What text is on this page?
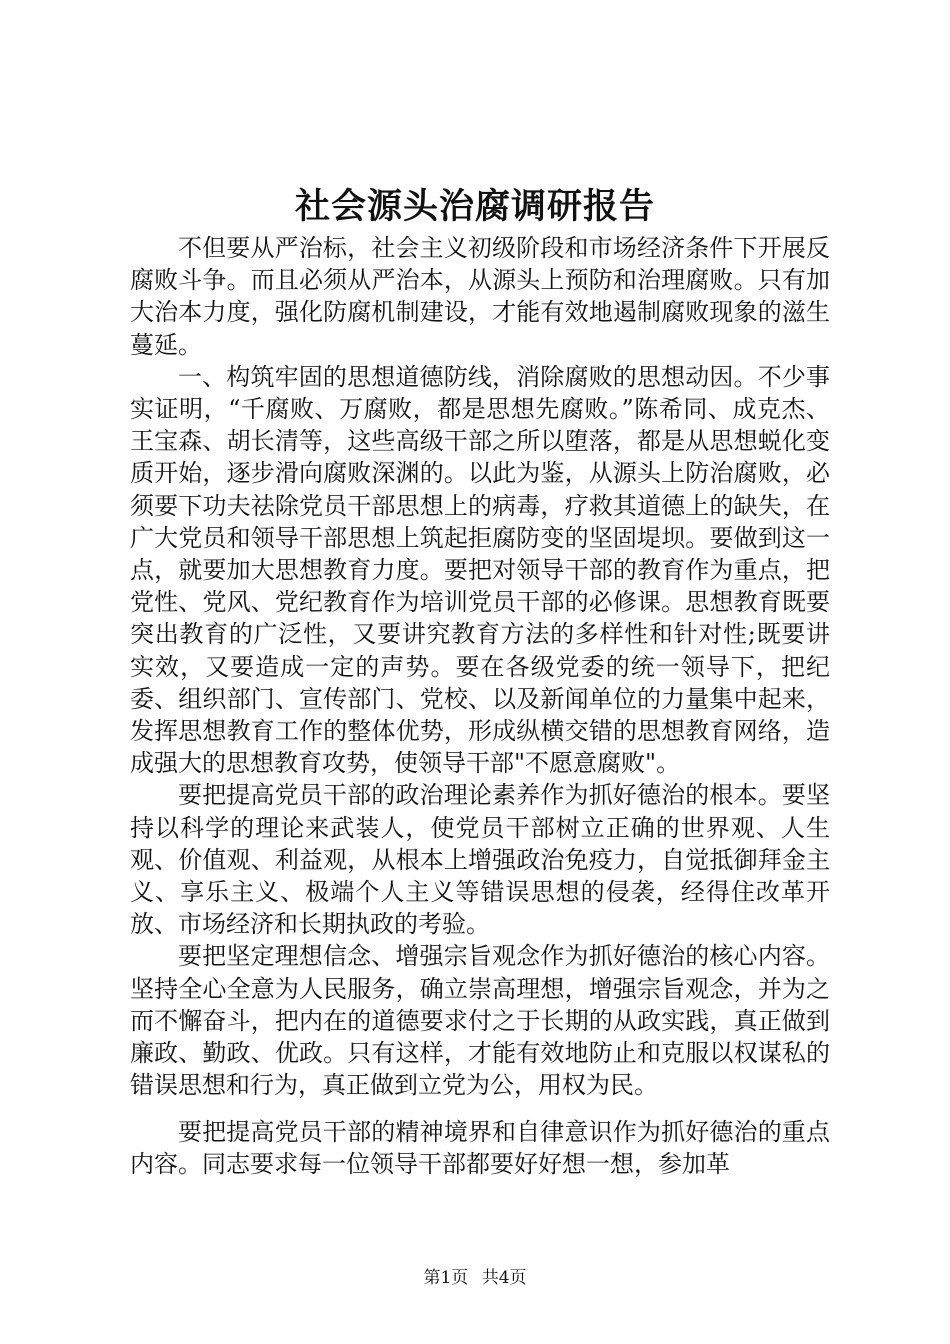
社会源头治腐调研报告

不但要从严治标，社会主义初级阶段和市场经济条件下开展反腐败斗争。而且必须从严治本，从源头上预防和治理腐败。只有加大治本力度，强化防腐机制建设，才能有效地遏制腐败现象的滋生蔓延。

一、构筑牢固的思想道德防线，消除腐败的思想动因。不少事实证明，“千腐败、万腐败，都是思想先腐败。”陈希同、成克杰、王宝森、胡长清等，这些高级干部之所以堕落，都是从思想蜕化变质开始，逐步滑向腐败深渊的。以此为鉴，从源头上防治腐败，必须要下功夫祛除党员干部思想上的病毒，疗救其道德上的缺失，在广大党员和领导干部思想上筑起拒腐防变的坚固堤坝。要做到这一点，就要加大思想教育力度。要把对领导干部的教育作为重点，把党性、党风、党纪教育作为培训党员干部的必修课。思想教育既要突出教育的广泛性，又要讲究教育方法的多样性和针对性;既要讲实效，又要造成一定的声势。要在各级党委的统一领导下，把纪委、组织部门、宣传部门、党校、以及新闻单位的力量集中起来，发挥思想教育工作的整体优势，形成纵横交错的思想教育网络，造成强大的思想教育攻势，使领导干部"不愿意腐败"。

要把提高党员干部的政治理论素养作为抓好德治的根本。要坚持以科学的理论来武装人，使党员干部树立正确的世界观、人生观、价值观、利益观，从根本上增强政治免疫力，自觉抵御拜金主义、享乐主义、极端个人主义等错误思想的侵袭，经得住改革开放、市场经济和长期执政的考验。

要把坚定理想信念、增强宗旨观念作为抓好德治的核心内容。坚持全心全意为人民服务，确立崇高理想，增强宗旨观念，并为之而不懈奋斗，把内在的道德要求付之于长期的从政实践，真正做到廉政、勤政、优政。只有这样，才能有效地防止和克服以权谋私的错误思想和行为，真正做到立党为公，用权为民。

要把提高党员干部的精神境界和自律意识作为抓好德治的重点内容。同志要求每一位领导干部都要好好想一想，参加革

第1页 共4页
